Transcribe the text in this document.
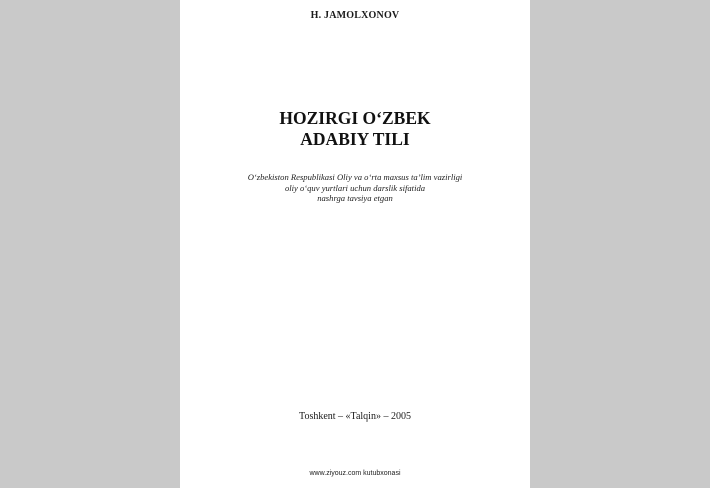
H. JAMOLXONOV
HOZIRGI O‘ZBEK
ADABIY TILI
O‘zbekiston Respublikasi Oliy va o‘rta maxsus ta’lim vazirligi
oliy o‘quv yurtlari uchun darslik sifatida
nashrga tavsiya etgan
Toshkent – «Talqin» – 2005
www.ziyouz.com kutubxonasi
